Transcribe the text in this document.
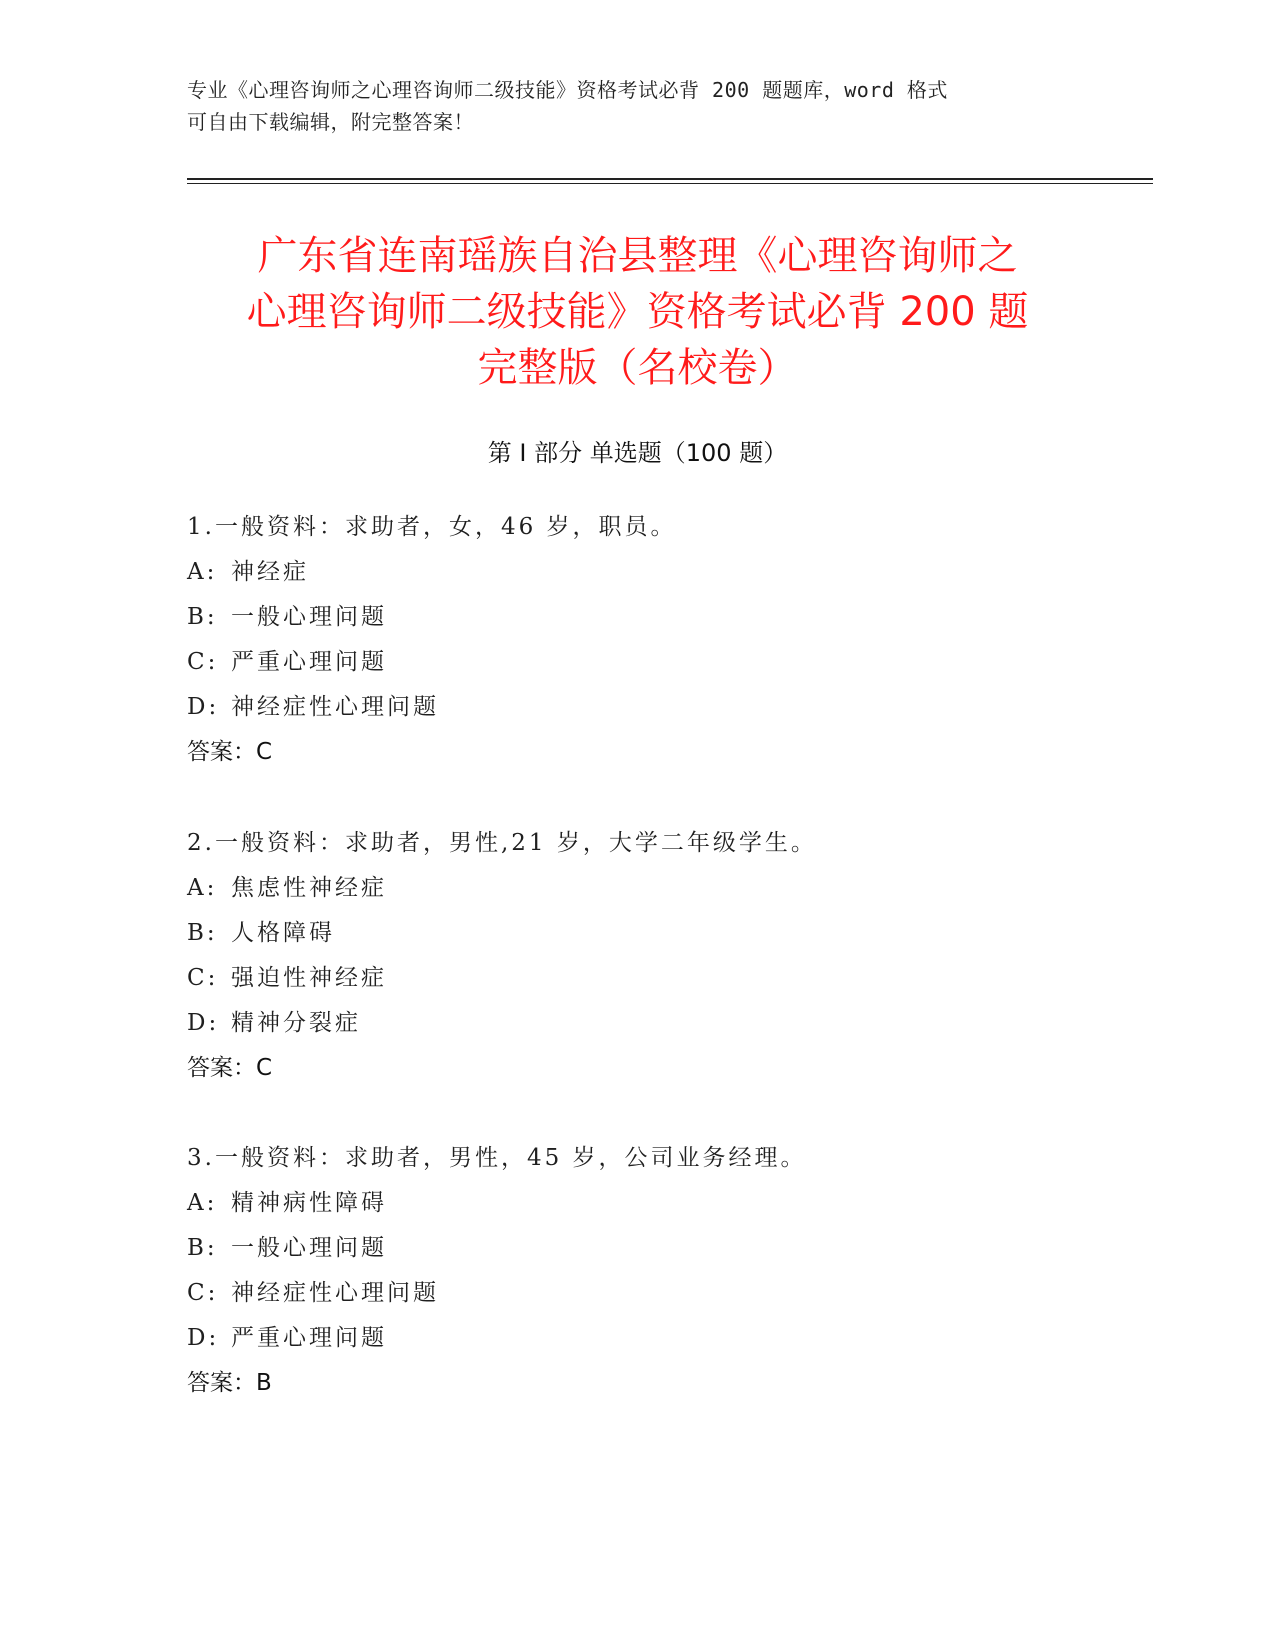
专业《心理咨询师之心理咨询师二级技能》资格考试必背 200 题题库，word 格式
可自由下载编辑，附完整答案！
广东省连南瑶族自治县整理《心理咨询师之
心理咨询师二级技能》资格考试必背 200 题
完整版（名校卷）
第 I 部分 单选题（100 题）
1.一般资料：求助者，女，46 岁，职员。
A: 神经症
B: 一般心理问题
C: 严重心理问题
D: 神经症性心理问题
答案：C
2.一般资料：求助者，男性,21 岁，大学二年级学生。
A: 焦虑性神经症
B: 人格障碍
C: 强迫性神经症
D: 精神分裂症
答案：C
3.一般资料：求助者，男性，45 岁，公司业务经理。
A: 精神病性障碍
B: 一般心理问题
C: 神经症性心理问题
D: 严重心理问题
答案：B
